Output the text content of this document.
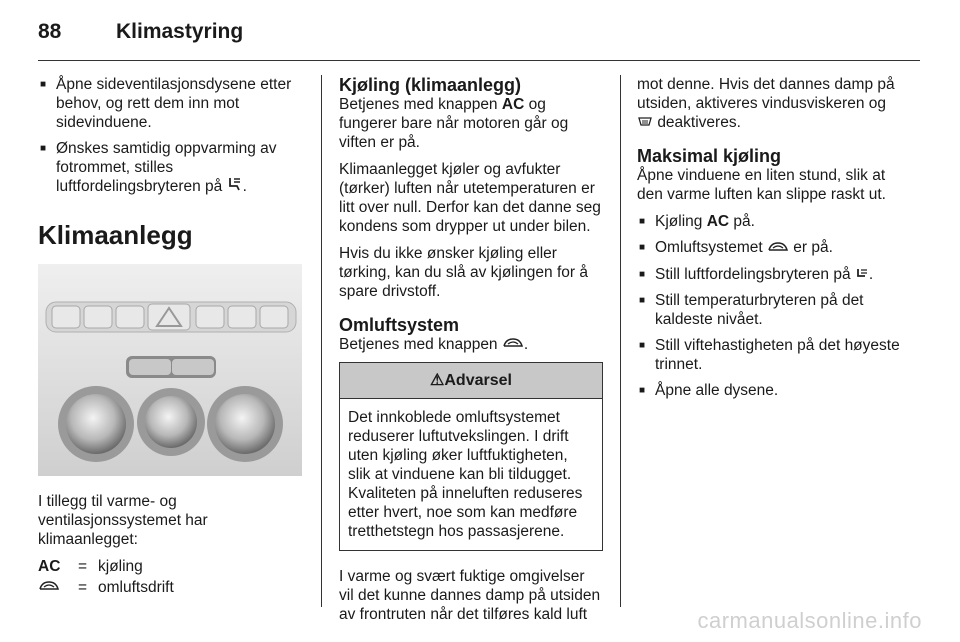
88	Klimastyring
■ Åpne sideventilasjonsdysene etter behov, og rett dem inn mot sidevinduene.
■ Ønskes samtidig oppvarming av fotrommet, stilles luftfordelingsbryteren på .
Klimaanlegg

I tillegg til varme- og ventilasjonssystemet har klimaanlegget:

AC	= kjøling
= omluftsdrift
Kjøling (klimaanlegg)

Betjenes med knappen AC og fungerer bare når motoren går og viften er på.

Klimaanlegget kjøler og avfukter (tørker) luften når utetemperaturen er litt over null. Derfor kan det danne seg kondens som drypper ut under bilen.

Hvis du ikke ønsker kjøling eller tørking, kan du slå av kjølingen for å spare drivstoff.

Omluftsystem

Betjenes med knappen .

⚠Advarsel
Det innkoblede omluftsystemet reduserer luftutvekslingen. I drift uten kjøling øker luftfuktigheten, slik at vinduene kan bli tildugget. Kvaliteten på inneluften reduseres etter hvert, noe som kan medføre tretthetstegn hos passasjerene.

I varme og svært fuktige omgivelser vil det kunne dannes damp på utsiden av frontruten når det tilføres kald luft

mot denne. Hvis det dannes damp på utsiden, aktiveres vindusviskeren og  deaktiveres.

Maksimal kjøling

Åpne vinduene en liten stund, slik at den varme luften kan slippe raskt ut.

■ Kjøling AC på.
■ Omluftsystemet er på.
■ Still luftfordelingsbryteren på .
■ Still temperaturbryteren på det kaldeste nivået.
■ Still viftehastigheten på det høyeste trinnet.
■ Åpne alle dysene.
carmanualsonline.info
